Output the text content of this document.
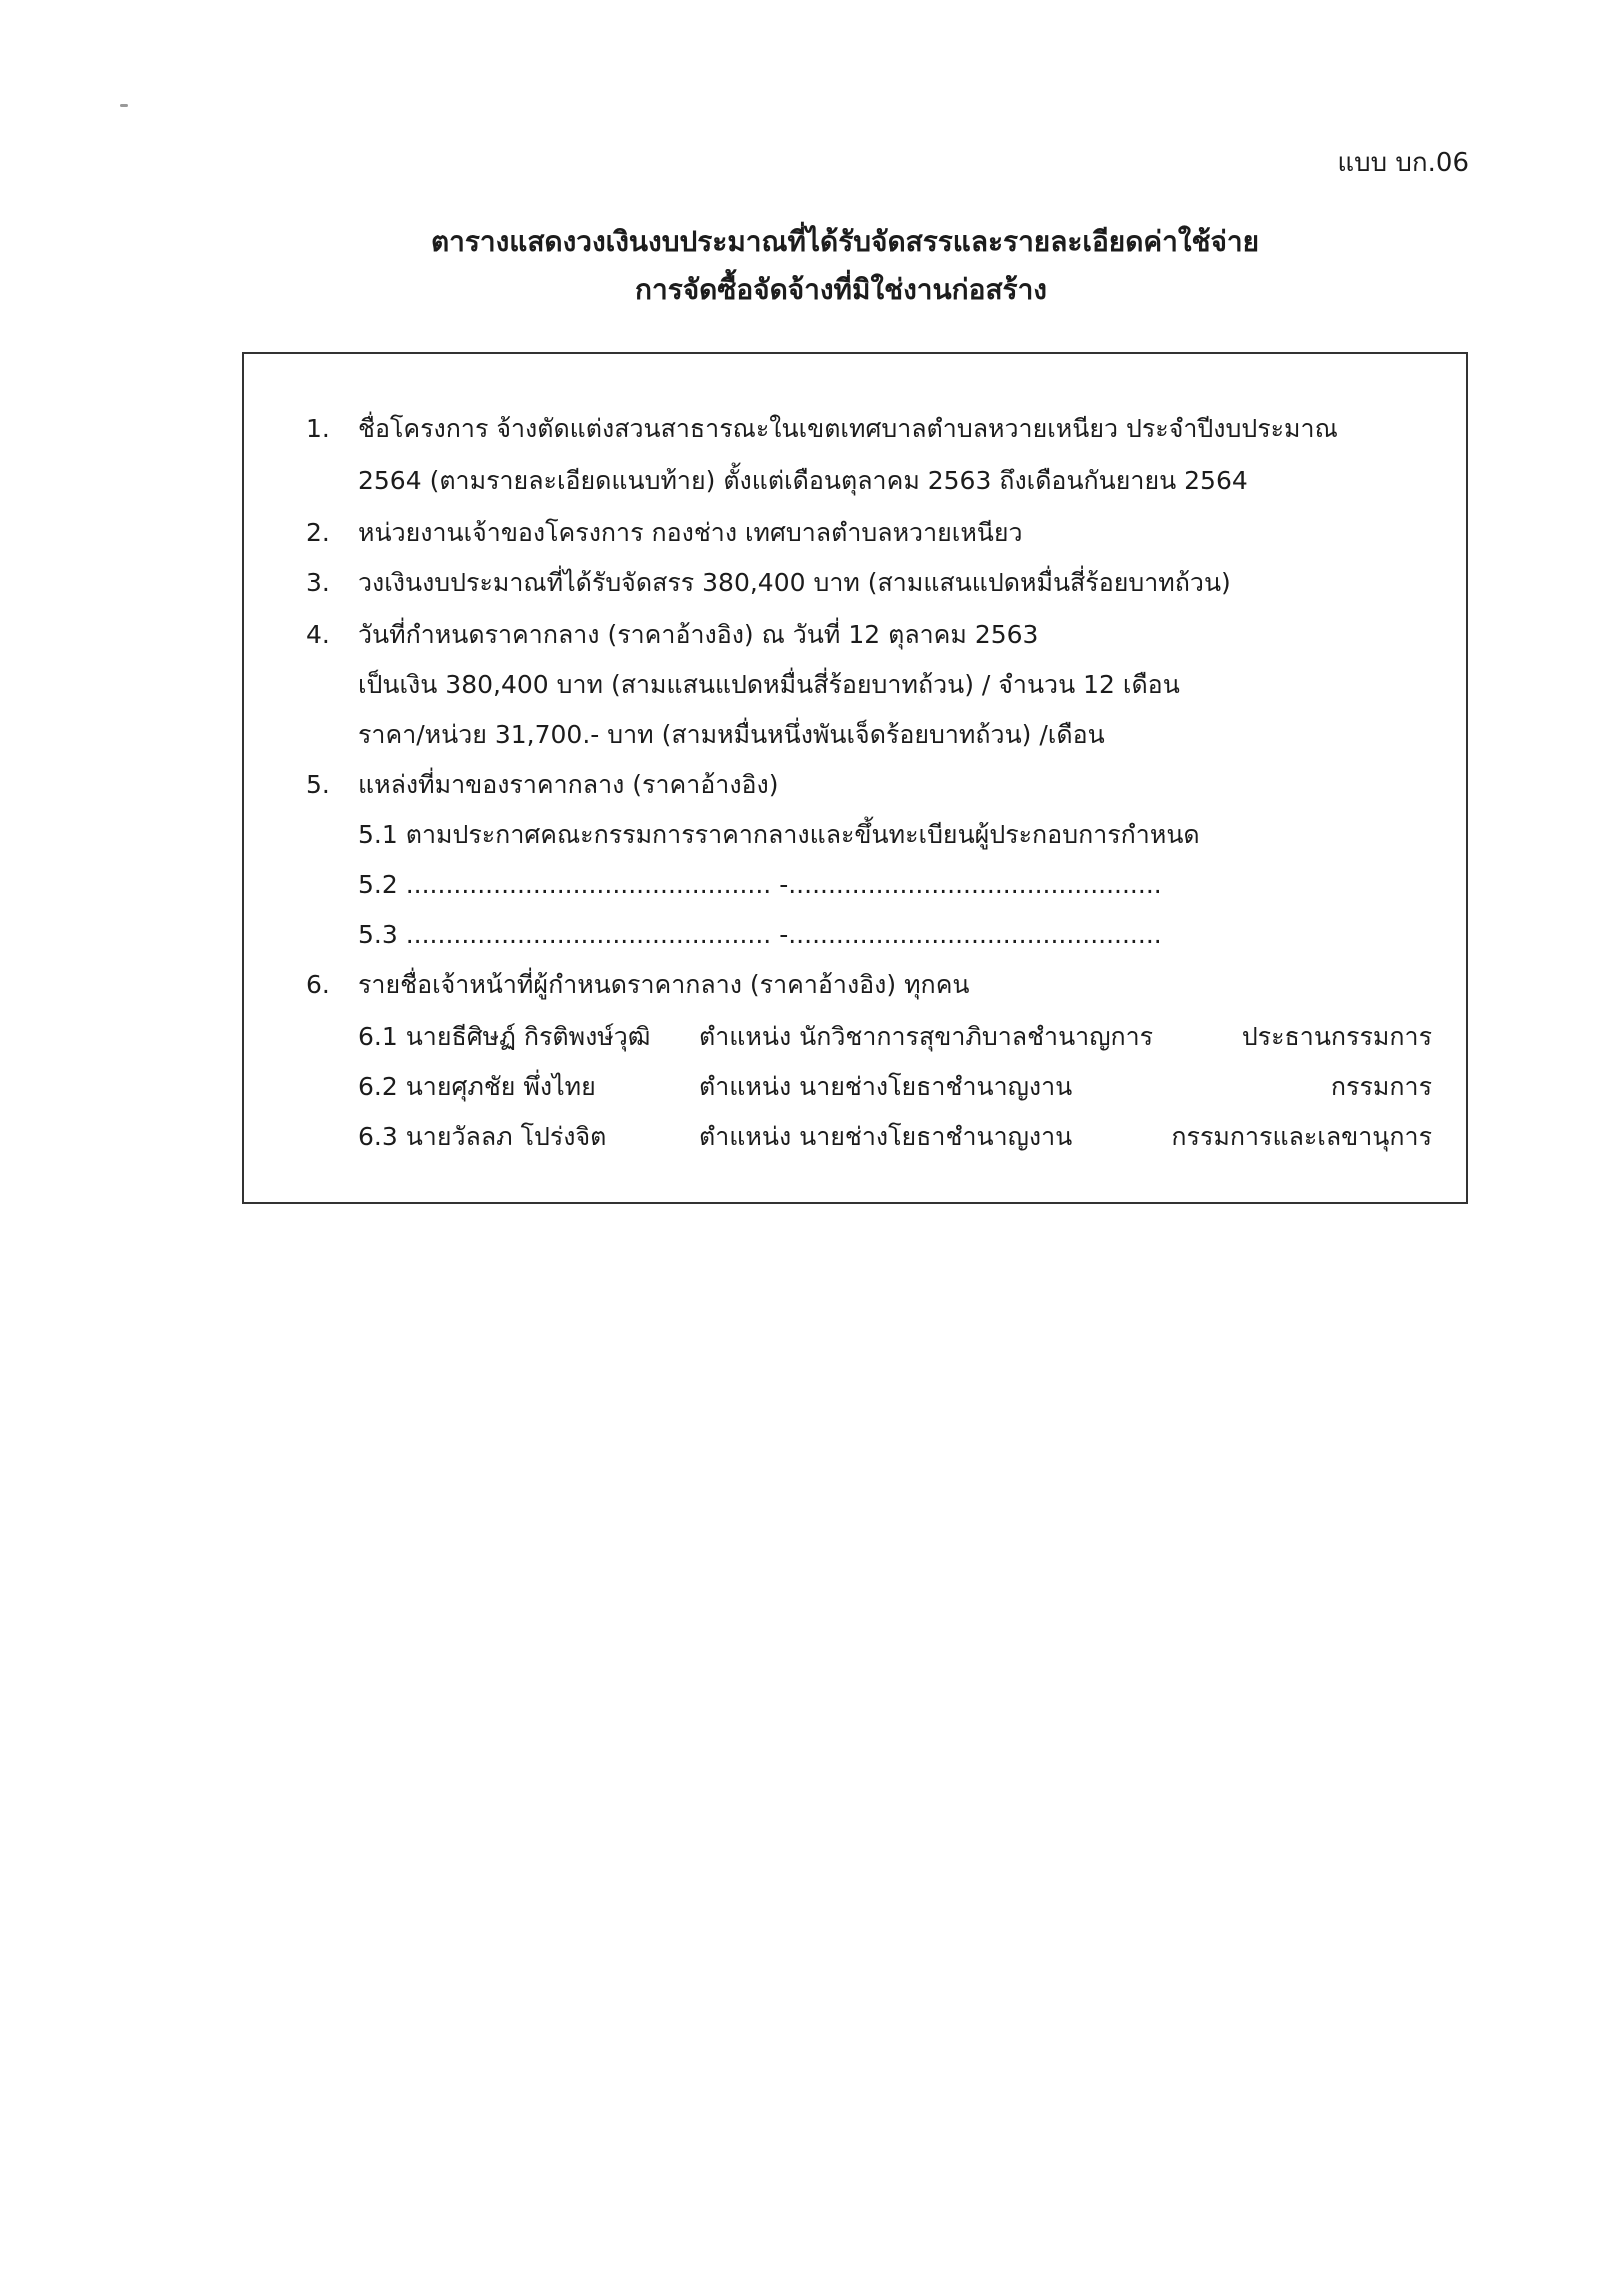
แบบ บก.06
ตารางแสดงวงเงินงบประมาณที่ได้รับจัดสรรและรายละเอียดค่าใช้จ่าย
การจัดซื้อจัดจ้างที่มิใช่งานก่อสร้าง
1. ชื่อโครงการ จ้างตัดแต่งสวนสาธารณะในเขตเทศบาลตำบลหวายเหนียว ประจำปีงบประมาณ
2564 (ตามรายละเอียดแนบท้าย) ตั้งแต่เดือนตุลาคม 2563 ถึงเดือนกันยายน 2564
2. หน่วยงานเจ้าของโครงการ กองช่าง เทศบาลตำบลหวายเหนียว
3. วงเงินงบประมาณที่ได้รับจัดสรร 380,400 บาท (สามแสนแปดหมื่นสี่ร้อยบาทถ้วน)
4. วันที่กำหนดราคากลาง (ราคาอ้างอิง) ณ วันที่ 12 ตุลาคม 2563
เป็นเงิน 380,400 บาท (สามแสนแปดหมื่นสี่ร้อยบาทถ้วน) / จำนวน 12 เดือน
ราคา/หน่วย 31,700.- บาท (สามหมื่นหนึ่งพันเจ็ดร้อยบาทถ้วน) /เดือน
5. แหล่งที่มาของราคากลาง (ราคาอ้างอิง)
5.1 ตามประกาศคณะกรรมการราคากลางและขึ้นทะเบียนผู้ประกอบการกำหนด
5.2 .............................................. -...............................................
5.3 .............................................. -...............................................
6. รายชื่อเจ้าหน้าที่ผู้กำหนดราคากลาง (ราคาอ้างอิง) ทุกคน
6.1 นายธีศิษฏ์ กิรติพงษ์วุฒิ ตำแหน่ง นักวิชาการสุขาภิบาลชำนาญการ	ประธานกรรมการ
6.2 นายศุภชัย พึ่งไทย	ตำแหน่ง นายช่างโยธาชำนาญงาน	กรรมการ
6.3 นายวัลลภ โปร่งจิต	ตำแหน่ง นายช่างโยธาชำนาญงาน	กรรมการและเลขานุการ
